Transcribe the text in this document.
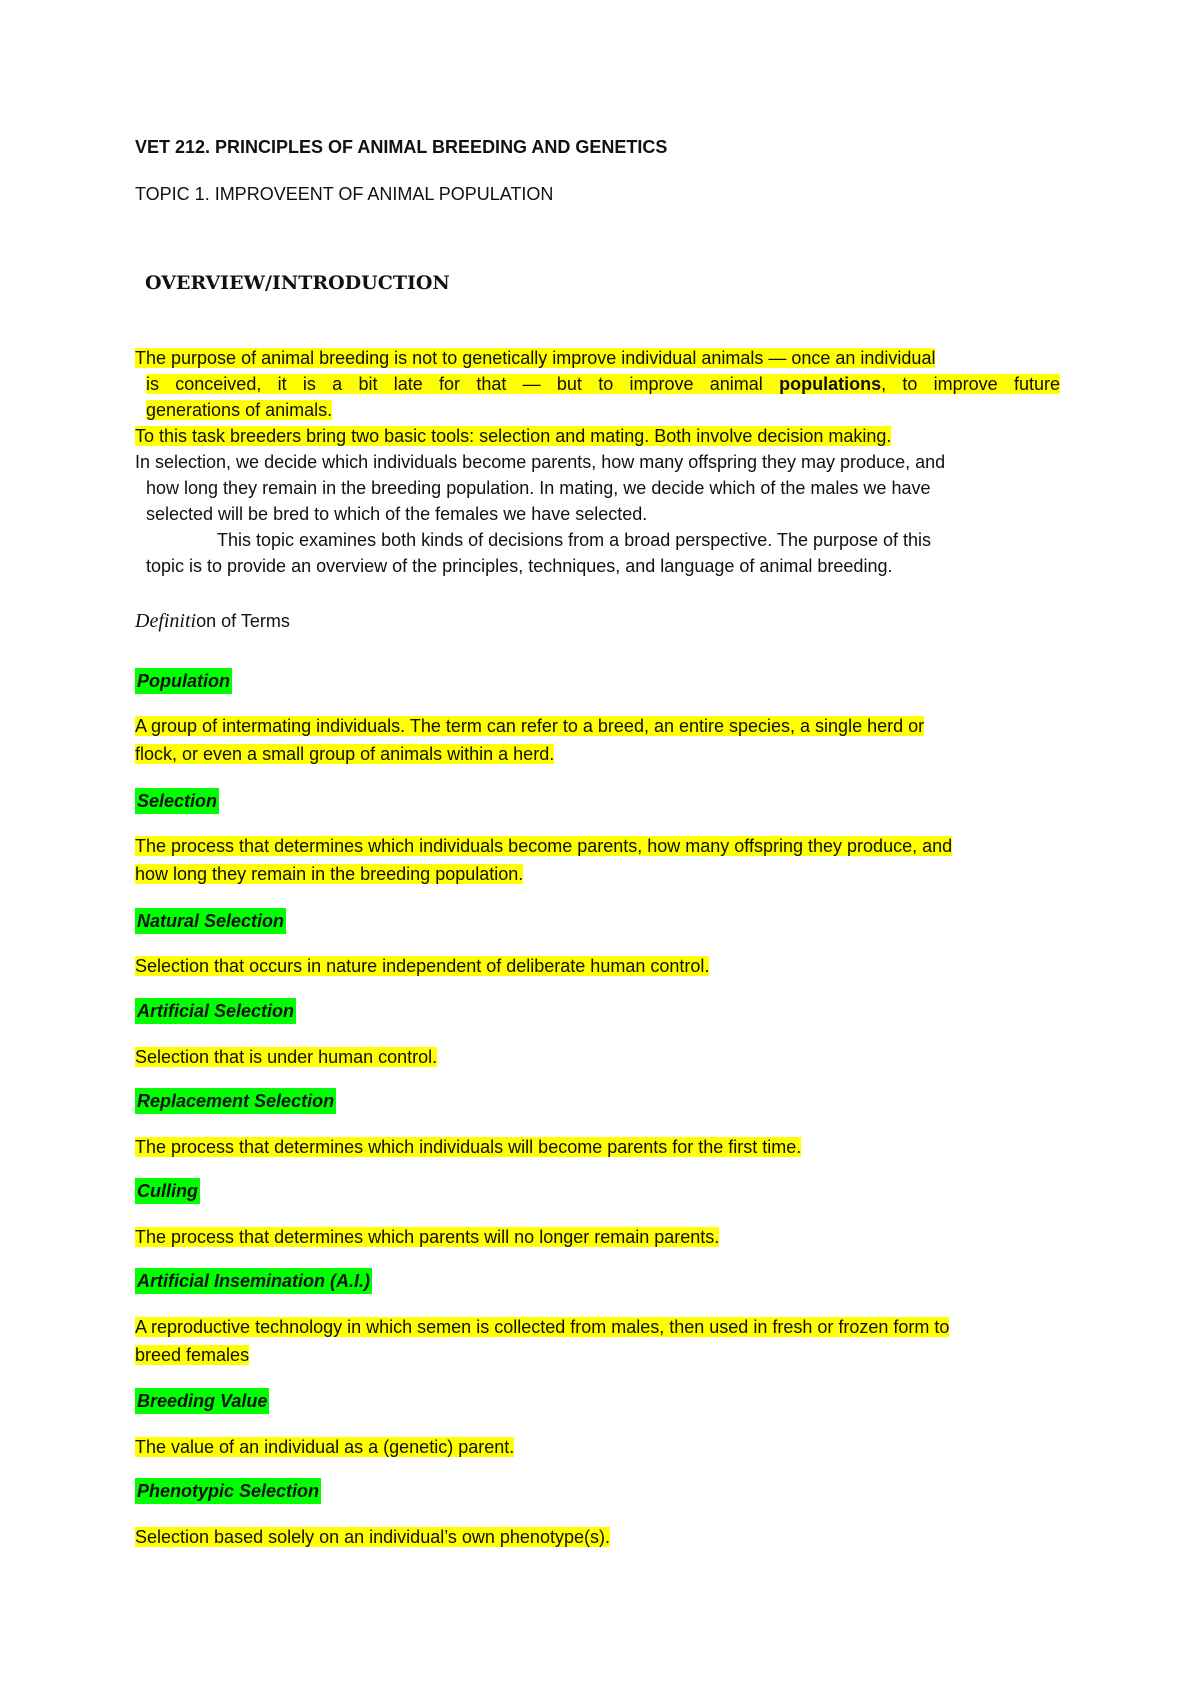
VET 212. PRINCIPLES OF ANIMAL BREEDING AND GENETICS
TOPIC 1. IMPROVEENT OF ANIMAL POPULATION
OVERVIEW/INTRODUCTION
The purpose of animal breeding is not to genetically improve individual animals — once an individual
is conceived, it is a bit late for that — but to improve animal populations, to improve future
generations of animals.
To this task breeders bring two basic tools: selection and mating. Both involve decision making.
In selection, we decide which individuals become parents, how many offspring they may produce, and
how long they remain in the breeding population. In mating, we decide which of the males we have
selected will be bred to which of the females we have selected.
This topic examines both kinds of decisions from a broad perspective. The purpose of this
topic is to provide an overview of the principles, techniques, and language of animal breeding.
Definition of Terms
Population
A group of intermating individuals. The term can refer to a breed, an entire species, a single herd or
flock, or even a small group of animals within a herd.
Selection
The process that determines which individuals become parents, how many offspring they produce, and
how long they remain in the breeding population.
Natural Selection
Selection that occurs in nature independent of deliberate human control.
Artificial Selection
Selection that is under human control.
Replacement Selection
The process that determines which individuals will become parents for the first time.
Culling
The process that determines which parents will no longer remain parents.
Artificial Insemination (A.I.)
A reproductive technology in which semen is collected from males, then used in fresh or frozen form to
breed females
Breeding Value
The value of an individual as a (genetic) parent.
Phenotypic Selection
Selection based solely on an individual’s own phenotype(s).
